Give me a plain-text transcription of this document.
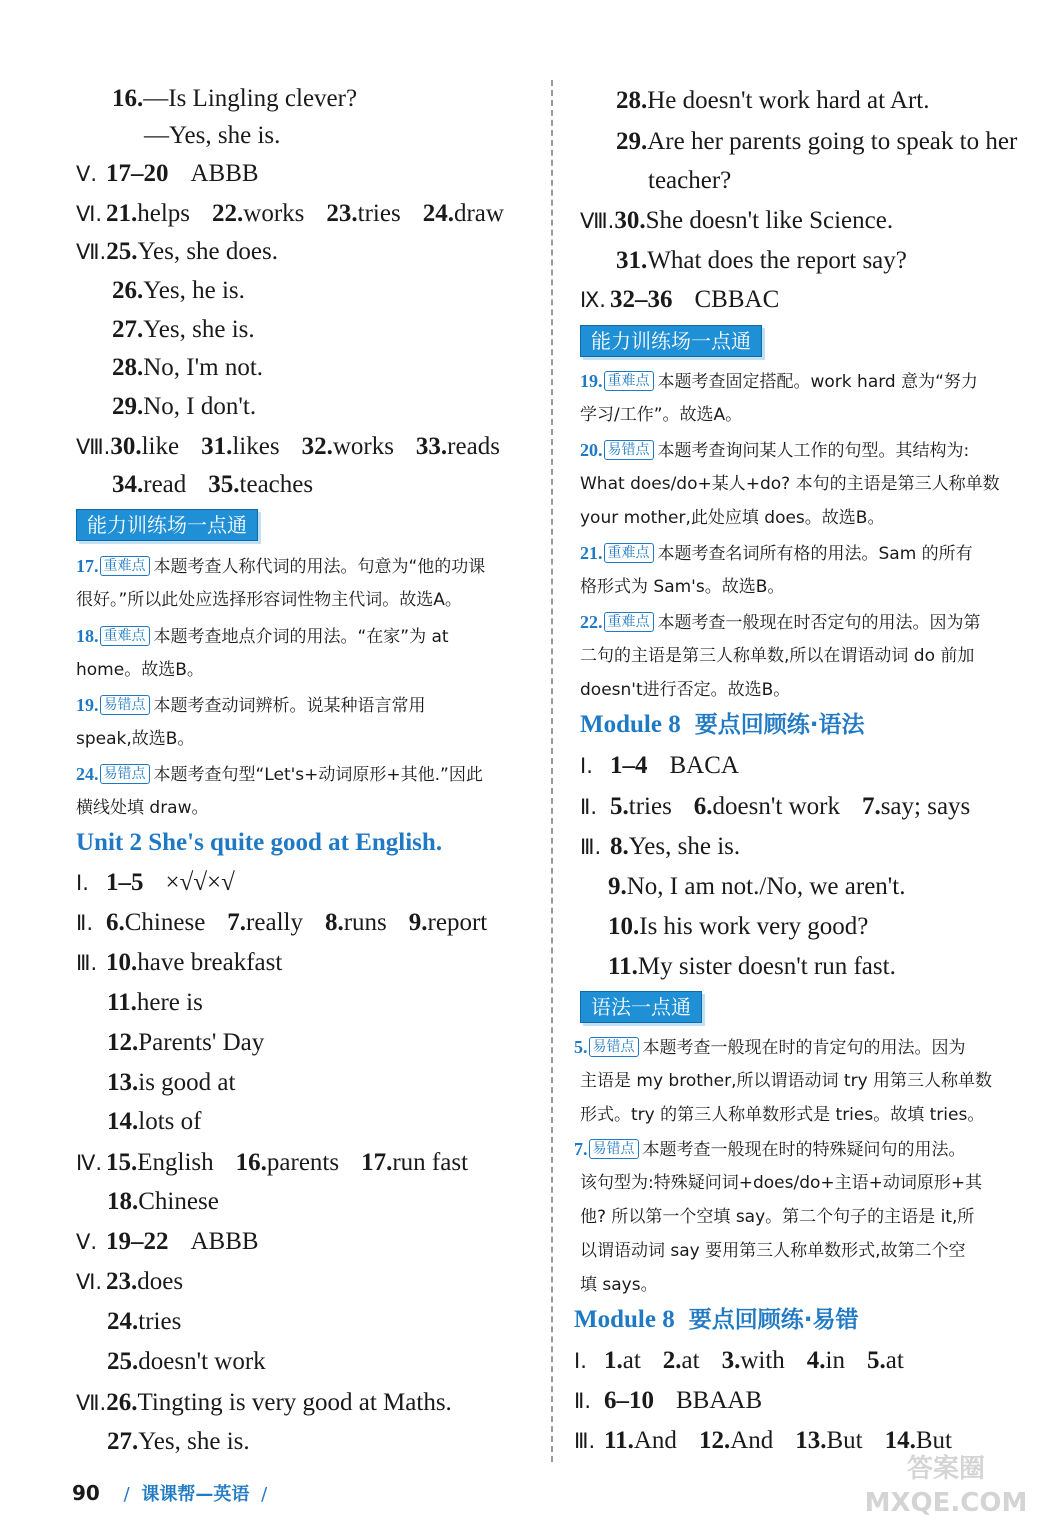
16.—Is Lingling clever?
—Yes, she is.
Ⅴ. 17–20 ABBB
Ⅵ. 21.helps 22.works 23.tries 24.draw
Ⅶ.25.Yes, she does.
26.Yes, he is.
27.Yes, she is.
28.No, I'm not.
29.No, I don't.
Ⅷ.30.like 31.likes 32.works 33.reads
34.read 35.teaches
能力训练场一点通
17. 重难点 本题考查人称代词的用法。句意为“他的功课
很好。”所以此处应选择形容词性物主代词。故选A。
18. 重难点 本题考查地点介词的用法。“在家”为 at
home。故选B。
19. 易错点 本题考查动词辨析。说某种语言常用
speak,故选B。
24. 易错点 本题考查句型“Let's+动词原形+其他.”因此
横线处填 draw。
Unit 2 She's quite good at English.
Ⅰ. 1–5 ×√√×√
Ⅱ. 6.Chinese 7.really 8.runs 9.report
Ⅲ. 10.have breakfast
11.here is
12.Parents' Day
13.is good at
14.lots of
Ⅳ. 15.English 16.parents 17.run fast
18.Chinese
Ⅴ. 19–22 ABBB
Ⅵ. 23.does
24.tries
25.doesn't work
Ⅶ.26.Tingting is very good at Maths.
27.Yes, she is.
28.He doesn't work hard at Art.
29.Are her parents going to speak to her
teacher?
Ⅷ.30.She doesn't like Science.
31.What does the report say?
Ⅸ. 32–36 CBBAC
能力训练场一点通
19. 重难点 本题考查固定搭配。work hard 意为“努力
学习/工作”。故选A。
20. 易错点 本题考查询问某人工作的句型。其结构为:
What does/do+某人+do? 本句的主语是第三人称单数
your mother,此处应填 does。故选B。
21. 重难点 本题考查名词所有格的用法。Sam 的所有
格形式为 Sam's。故选B。
22. 重难点 本题考查一般现在时否定句的用法。因为第
二句的主语是第三人称单数,所以在谓语动词 do 前加
doesn't进行否定。故选B。
Module 8 要点回顾练·语法
Ⅰ. 1–4 BACA
Ⅱ. 5.tries 6.doesn't work 7.say; says
Ⅲ. 8.Yes, she is.
9.No, I am not./No, we aren't.
10.Is his work very good?
11.My sister doesn't run fast.
语法一点通
5. 易错点 本题考查一般现在时的肯定句的用法。因为
主语是 my brother,所以谓语动词 try 用第三人称单数
形式。try 的第三人称单数形式是 tries。故填 tries。
7. 易错点 本题考查一般现在时的特殊疑问句的用法。
该句型为:特殊疑问词+does/do+主语+动词原形+其
他? 所以第一个空填 say。第二个句子的主语是 it,所
以谓语动词 say 要用第三人称单数形式,故第二个空
填 says。
Module 8 要点回顾练·易错
Ⅰ. 1.at 2.at 3.with 4.in 5.at
Ⅱ. 6–10 BBAAB
Ⅲ. 11.And 12.And 13.But 14.But
90 / 课课帮—英语 /
答案圈
MXQE.COM
